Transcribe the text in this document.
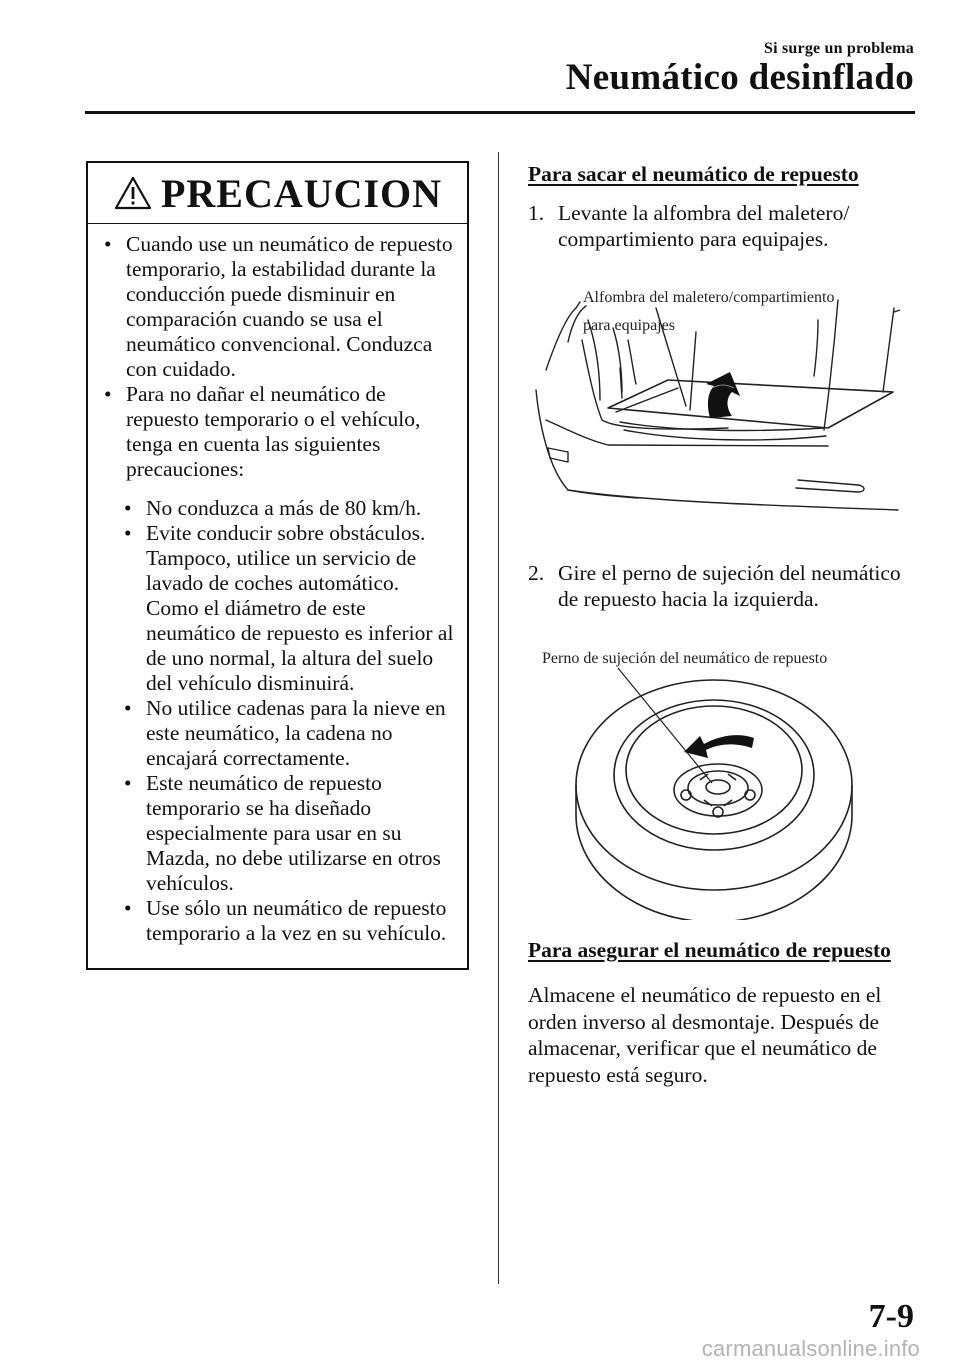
Si surge un problema
Neumático desinflado
PRECAUCION
• Cuando use un neumático de repuesto temporario, la estabilidad durante la conducción puede disminuir en comparación cuando se usa el neumático convencional. Conduzca con cuidado.
• Para no dañar el neumático de repuesto temporario o el vehículo, tenga en cuenta las siguientes precauciones:
• No conduzca a más de 80 km/h.
• Evite conducir sobre obstáculos. Tampoco, utilice un servicio de lavado de coches automático. Como el diámetro de este neumático de repuesto es inferior al de uno normal, la altura del suelo del vehículo disminuirá.
• No utilice cadenas para la nieve en este neumático, la cadena no encajará correctamente.
• Este neumático de repuesto temporario se ha diseñado especialmente para usar en su Mazda, no debe utilizarse en otros vehículos.
• Use sólo un neumático de repuesto temporario a la vez en su vehículo.
Para sacar el neumático de repuesto
1. Levante la alfombra del maletero/ compartimiento para equipajes.
Alfombra del maletero/compartimiento
para equipajes
2. Gire el perno de sujeción del neumático de repuesto hacia la izquierda.
Perno de sujeción del neumático de repuesto
Para asegurar el neumático de repuesto
Almacene el neumático de repuesto en el orden inverso al desmontaje. Después de almacenar, verificar que el neumático de repuesto está seguro.
7-9
carmanualsonline.info
